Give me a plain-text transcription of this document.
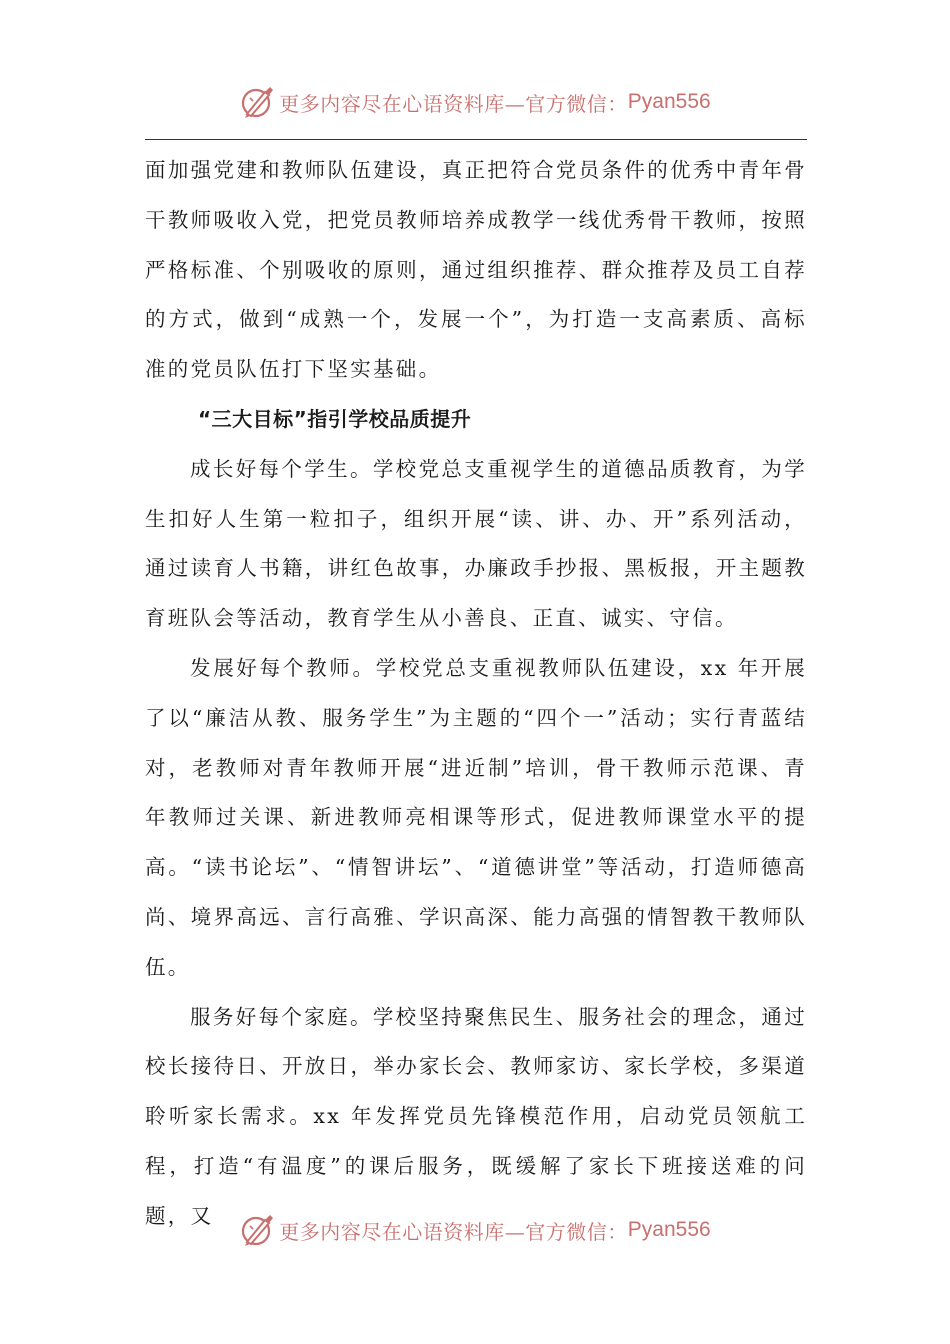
更多内容尽在心语资料库—官方微信： Pyan556

面加强党建和教师队伍建设，真正把符合党员条件的优秀中青年骨干教师吸收入党，把党员教师培养成教学一线优秀骨干教师，按照严格标准、个别吸收的原则，通过组织推荐、群众推荐及员工自荐的方式，做到“成熟一个，发展一个”，为打造一支高素质、高标准的党员队伍打下坚实基础。

“三大目标”指引学校品质提升

成长好每个学生。学校党总支重视学生的道德品质教育，为学生扣好人生第一粒扣子，组织开展“读、讲、办、开”系列活动，通过读育人书籍，讲红色故事，办廉政手抄报、黑板报，开主题教育班队会等活动，教育学生从小善良、正直、诚实、守信。

发展好每个教师。学校党总支重视教师队伍建设，xx 年开展了以“廉洁从教、服务学生”为主题的“四个一”活动；实行青蓝结对，老教师对青年教师开展“进近制”培训，骨干教师示范课、青年教师过关课、新进教师亮相课等形式，促进教师课堂水平的提高。“读书论坛”、“情智讲坛”、“道德讲堂”等活动，打造师德高尚、境界高远、言行高雅、学识高深、能力高强的情智教干教师队伍。

服务好每个家庭。学校坚持聚焦民生、服务社会的理念，通过校长接待日、开放日，举办家长会、教师家访、家长学校，多渠道聆听家长需求。xx 年发挥党员先锋模范作用，启动党员领航工程，打造“有温度”的课后服务，既缓解了家长下班接送难的问题，又

更多内容尽在心语资料库—官方微信： Pyan556
